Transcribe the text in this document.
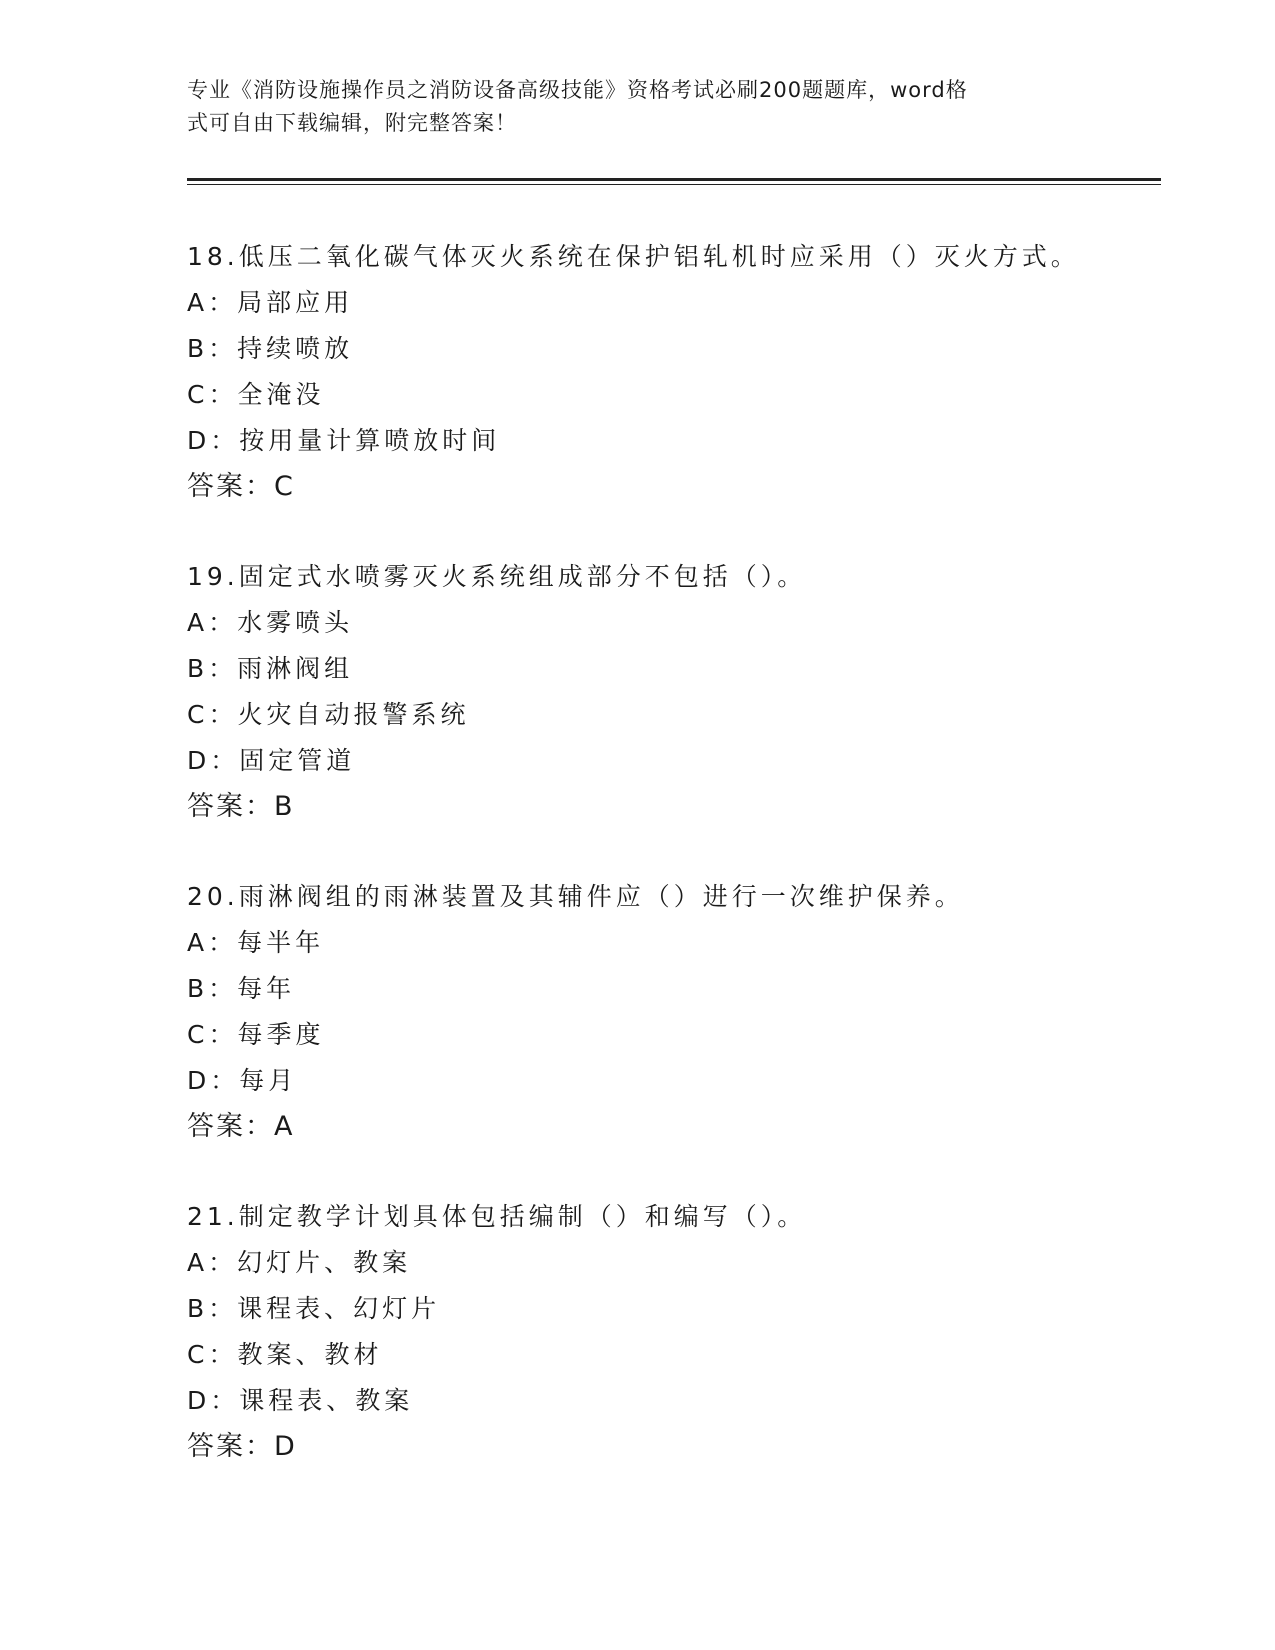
专业《消防设施操作员之消防设备高级技能》资格考试必刷200题题库，word格
式可自由下载编辑，附完整答案！
18.低压二氧化碳气体灭火系统在保护铝轧机时应采用（）灭火方式。
A：局部应用
B：持续喷放
C：全淹没
D：按用量计算喷放时间
答案：C
19.固定式水喷雾灭火系统组成部分不包括（）。
A：水雾喷头
B：雨淋阀组
C：火灾自动报警系统
D：固定管道
答案：B
20.雨淋阀组的雨淋装置及其辅件应（）进行一次维护保养。
A：每半年
B：每年
C：每季度
D：每月
答案：A
21.制定教学计划具体包括编制（）和编写（）。
A：幻灯片、教案
B：课程表、幻灯片
C：教案、教材
D：课程表、教案
答案：D
